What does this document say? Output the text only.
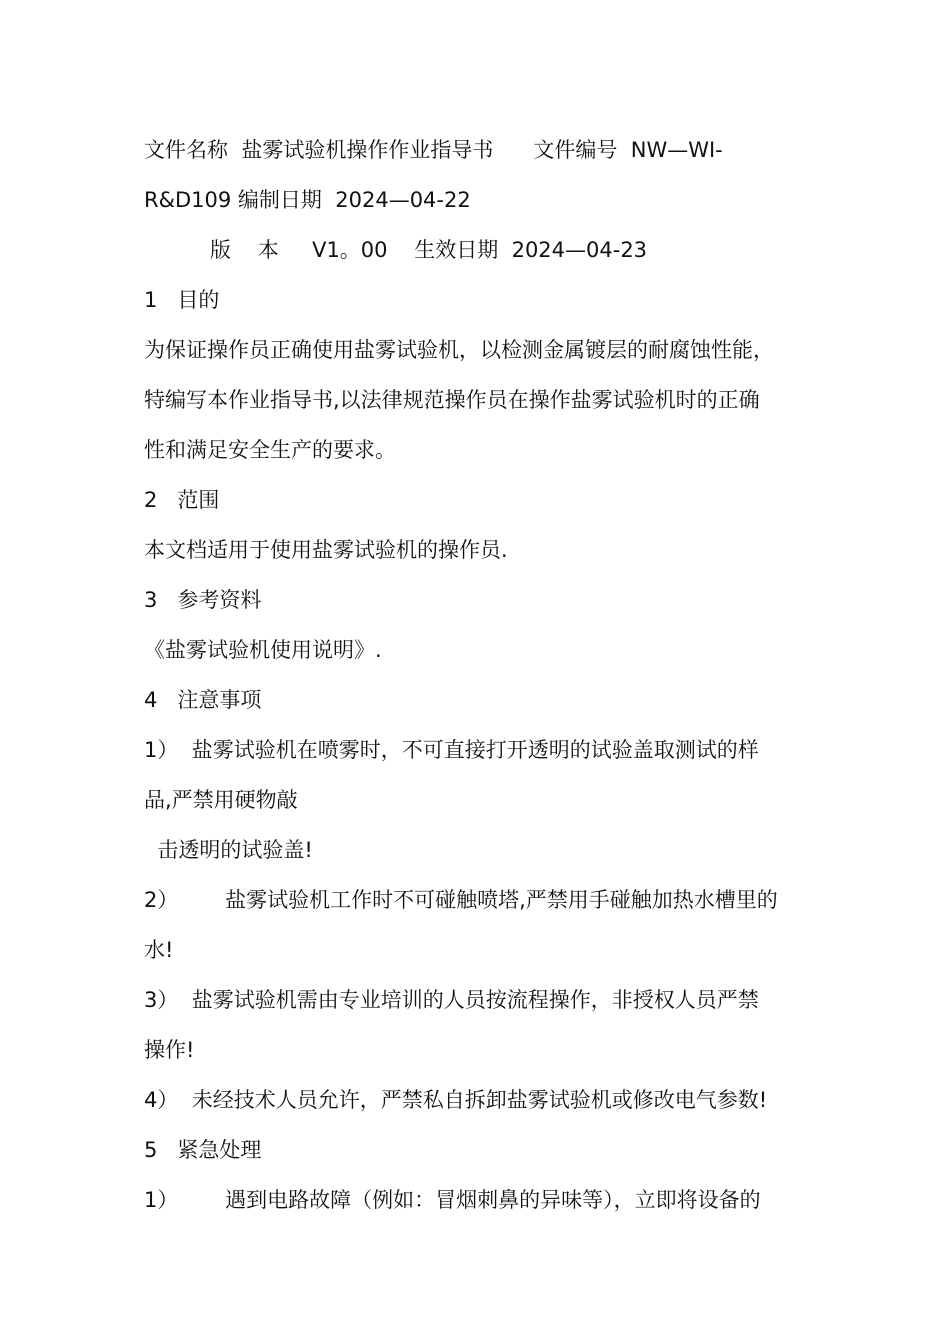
文件名称  盐雾试验机操作作业指导书      文件编号  NW—WI-
R&D109 编制日期  2024—04-22
版    本     V1。00    生效日期  2024—04-23
1   目的
为保证操作员正确使用盐雾试验机，以检测金属镀层的耐腐蚀性能，
特编写本作业指导书,以法律规范操作员在操作盐雾试验机时的正确
性和满足安全生产的要求。
2   范围
本文档适用于使用盐雾试验机的操作员.
3   参考资料
《盐雾试验机使用说明》.
4   注意事项
1）  盐雾试验机在喷雾时，不可直接打开透明的试验盖取测试的样
品,严禁用硬物敲
击透明的试验盖!
2）       盐雾试验机工作时不可碰触喷塔,严禁用手碰触加热水槽里的
水!
3）  盐雾试验机需由专业培训的人员按流程操作，非授权人员严禁
操作!
4）  未经技术人员允许，严禁私自拆卸盐雾试验机或修改电气参数!
5   紧急处理
1）       遇到电路故障（例如：冒烟刺鼻的异味等），立即将设备的
